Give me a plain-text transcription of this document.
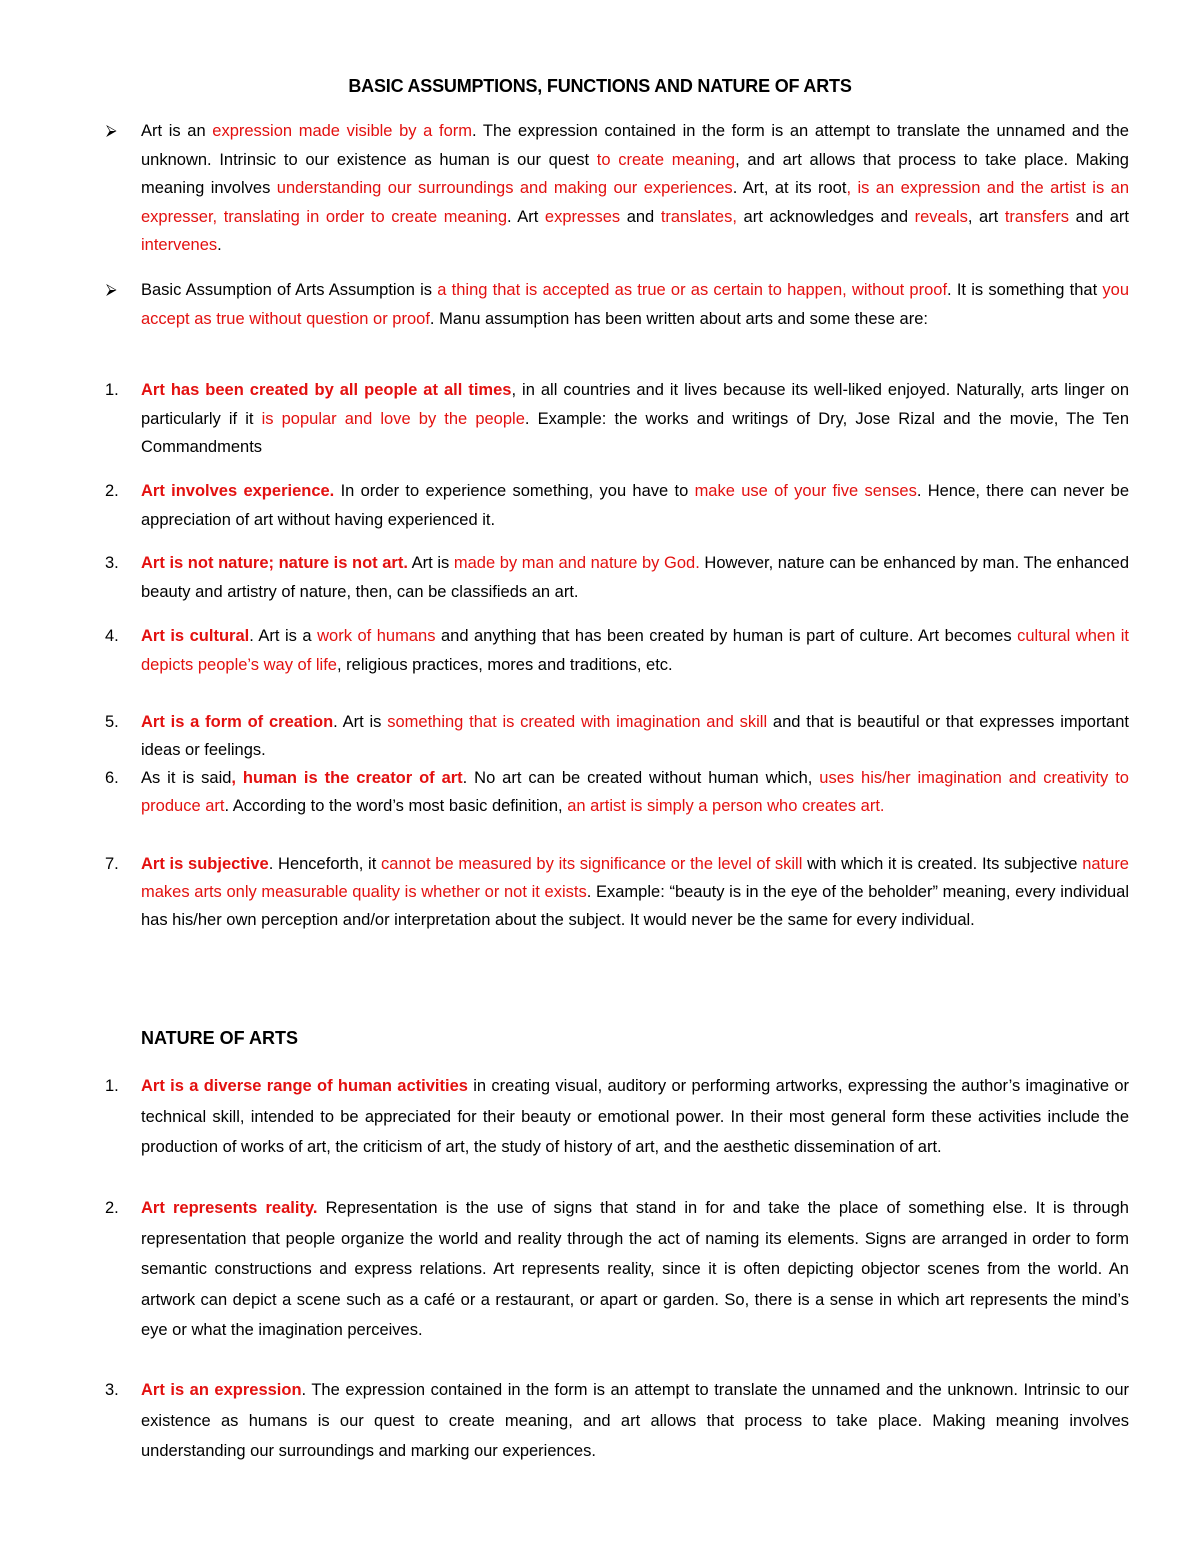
BASIC ASSUMPTIONS, FUNCTIONS AND NATURE OF ARTS
⮚	Art is an expression made visible by a form. The expression contained in the form is an attempt to translate the unnamed and the unknown. Intrinsic to our existence as human is our quest to create meaning, and art allows that process to take place. Making meaning involves understanding our surroundings and making our experiences. Art, at its root, is an expression and the artist is an expresser, translating in order to create meaning. Art expresses and translates, art acknowledges and reveals, art transfers and art intervenes.
⮚	Basic Assumption of Arts Assumption is a thing that is accepted as true or as certain to happen, without proof. It is something that you accept as true without question or proof. Manu assumption has been written about arts and some these are:
1.	Art has been created by all people at all times, in all countries and it lives because its well-liked enjoyed. Naturally, arts linger on particularly if it is popular and love by the people. Example: the works and writings of Dry, Jose Rizal and the movie, The Ten Commandments
2.	Art involves experience. In order to experience something, you have to make use of your five senses. Hence, there can never be appreciation of art without having experienced it.
3.	Art is not nature; nature is not art. Art is made by man and nature by God. However, nature can be enhanced by man. The enhanced beauty and artistry of nature, then, can be classifieds an art.
4.	Art is cultural. Art is a work of humans and anything that has been created by human is part of culture. Art becomes cultural when it depicts people’s way of life, religious practices, mores and traditions, etc.
5.	Art is a form of creation. Art is something that is created with imagination and skill and that is beautiful or that expresses important ideas or feelings.
6.	As it is said, human is the creator of art. No art can be created without human which, uses his/her imagination and creativity to produce art. According to the word’s most basic definition, an artist is simply a person who creates art.
7.	Art is subjective. Henceforth, it cannot be measured by its significance or the level of skill with which it is created. Its subjective nature makes arts only measurable quality is whether or not it exists. Example: “beauty is in the eye of the beholder” meaning, every individual has his/her own perception and/or interpretation about the subject. It would never be the same for every individual.
NATURE OF ARTS
1.	Art is a diverse range of human activities in creating visual, auditory or performing artworks, expressing the author’s imaginative or technical skill, intended to be appreciated for their beauty or emotional power. In their most general form these activities include the production of works of art, the criticism of art, the study of history of art, and the aesthetic dissemination of art.
2.	Art represents reality. Representation is the use of signs that stand in for and take the place of something else. It is through representation that people organize the world and reality through the act of naming its elements. Signs are arranged in order to form semantic constructions and express relations. Art represents reality, since it is often depicting objector scenes from the world. An artwork can depict a scene such as a café or a restaurant, or apart or garden. So, there is a sense in which art represents the mind’s eye or what the imagination perceives.
3.	Art is an expression. The expression contained in the form is an attempt to translate the unnamed and the unknown. Intrinsic to our existence as humans is our quest to create meaning, and art allows that process to take place. Making meaning involves understanding our surroundings and marking our experiences.
